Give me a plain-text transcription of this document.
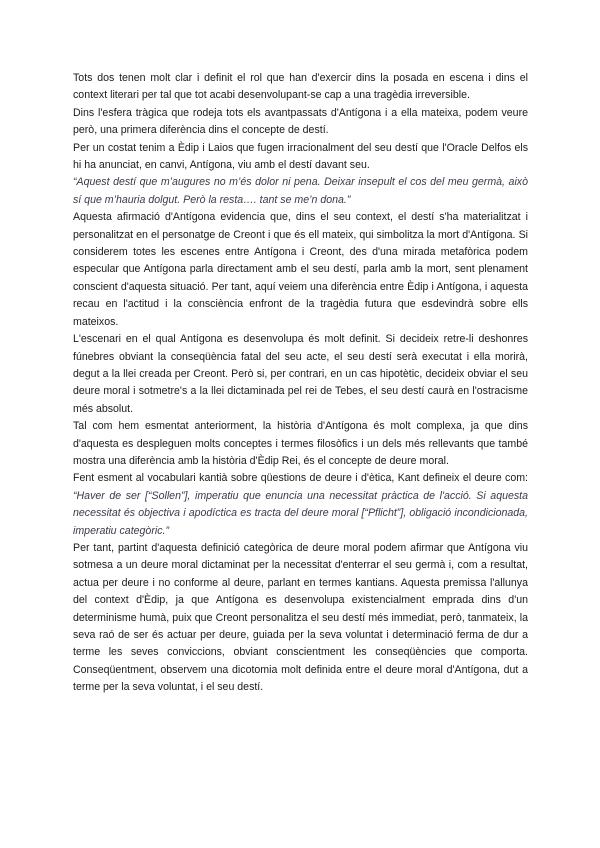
Tots dos tenen molt clar i definit el rol que han d'exercir dins la posada en escena i dins el context literari per tal que tot acabi desenvolupant-se cap a una tragèdia irreversible.

Dins l'esfera tràgica que rodeja tots els avantpassats d'Antígona i a ella mateixa, podem veure però, una primera diferència dins el concepte de destí.

Per un costat tenim a Èdip i Laios que fugen irracionalment del seu destí que l'Oracle Delfos els hi ha anunciat, en canvi, Antígona, viu amb el destí davant seu.

“Aquest destí que m’augures no m’és dolor ni pena. Deixar insepult el cos del meu germà, això sí que m’hauria dolgut. Però la resta…. tant se me’n dona.”

Aquesta afirmació d'Antígona evidencia que, dins el seu context, el destí s'ha materialitzat i personalitzat en el personatge de Creont i que és ell mateix, qui simbolitza la mort d'Antígona. Si considerem totes les escenes entre Antígona i Creont, des d'una mirada metafòrica podem especular que Antígona parla directament amb el seu destí, parla amb la mort, sent plenament conscient d'aquesta situació. Per tant, aquí veiem una diferència entre Èdip i Antígona, i aquesta recau en l'actitud i la consciència enfront de la tragèdia futura que esdevindrà sobre ells mateixos.

L'escenari en el qual Antígona es desenvolupa és molt definit. Si decideix retre-li deshonres fúnebres obviant la conseqüència fatal del seu acte, el seu destí serà executat i ella morirà, degut a la llei creada per Creont. Però si, per contrari, en un cas hipotètic, decideix obviar el seu deure moral i sotmetre's a la llei dictaminada pel rei de Tebes, el seu destí caurà en l'ostracisme més absolut.

Tal com hem esmentat anteriorment, la història d'Antígona és molt complexa, ja que dins d'aquesta es despleguen molts conceptes i termes filosòfics i un dels més rellevants que també mostra una diferència amb la història d'Èdip Rei, és el concepte de deure moral.

Fent esment al vocabulari kantià sobre qüestions de deure i d'ètica, Kant defineix el deure com: “Haver de ser [“Sollen”], imperatiu que enuncia una necessitat pràctica de l'acció. Si aquesta necessitat és objectiva i apodíctica es tracta del deure moral [“Pflicht”], obligació incondicionada, imperatiu categòric.”

Per tant, partint d'aquesta definició categòrica de deure moral podem afirmar que Antígona viu sotmesa a un deure moral dictaminat per la necessitat d'enterrar el seu germà i, com a resultat, actua per deure i no conforme al deure, parlant en termes kantians. Aquesta premissa l'allunya del context d'Èdip, ja que Antígona es desenvolupa existencialment emprada dins d'un determinisme humà, puix que Creont personalitza el seu destí més immediat, però, tanmateix, la seva raó de ser és actuar per deure, guiada per la seva voluntat i determinació ferma de dur a terme les seves conviccions, obviant conscientment les conseqüències que comporta. Conseqüentment, observem una dicotomia molt definida entre el deure moral d'Antígona, dut a terme per la seva voluntat, i el seu destí.
